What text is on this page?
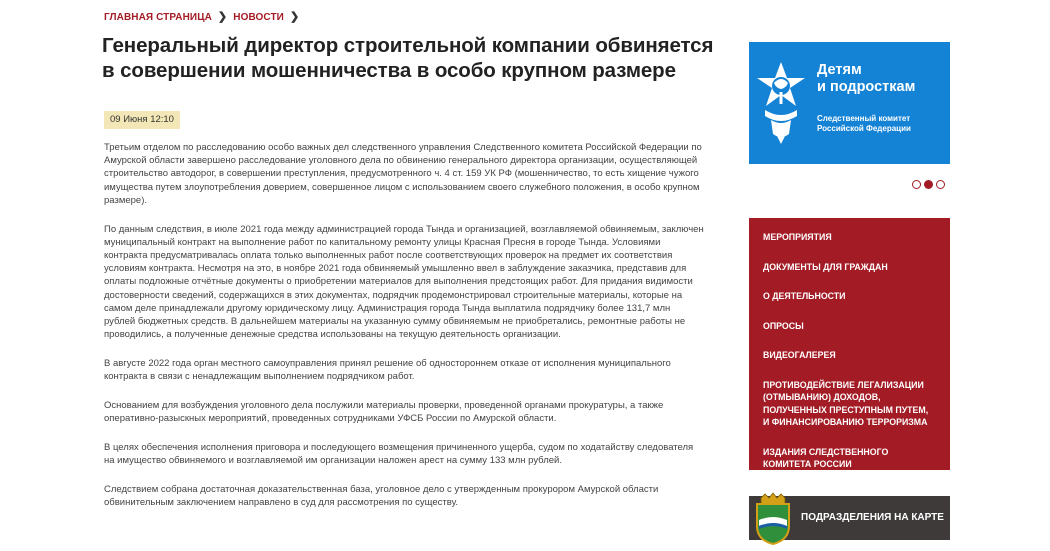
ГЛАВНАЯ СТРАНИЦА ❯ НОВОСТИ ❯
Генеральный директор строительной компании обвиняется в совершении мошенничества в особо крупном размере
09 Июня 12:10

Третьим отделом по расследованию особо важных дел следственного управления Следственного комитета Российской Федерации по Амурской области завершено расследование уголовного дела по обвинению генерального директора организации, осуществляющей строительство автодорог, в совершении преступления, предусмотренного ч. 4 ст. 159 УК РФ (мошенничество, то есть хищение чужого имущества путем злоупотребления доверием, совершенное лицом с использованием своего служебного положения, в особо крупном размере).

По данным следствия, в июле 2021 года между администрацией города Тында и организацией, возглавляемой обвиняемым, заключен муниципальный контракт на выполнение работ по капитальному ремонту улицы Красная Пресня в городе Тында. Условиями контракта предусматривалась оплата только выполненных работ после соответствующих проверок на предмет их соответствия условиям контракта. Несмотря на это, в ноябре 2021 года обвиняемый умышленно ввел в заблуждение заказчика, представив для оплаты подложные отчётные документы о приобретении материалов для выполнения предстоящих работ. Для придания видимости достоверности сведений, содержащихся в этих документах, подрядчик продемонстрировал строительные материалы, которые на самом деле принадлежали другому юридическому лицу. Администрация города Тында выплатила подрядчику более 131,7 млн рублей бюджетных средств. В дальнейшем материалы на указанную сумму обвиняемым не приобретались, ремонтные работы не проводились, а полученные денежные средства использованы на текущую деятельность организации.

В августе 2022 года орган местного самоуправления принял решение об одностороннем отказе от исполнения муниципального контракта в связи с ненадлежащим выполнением подрядчиком работ.

Основанием для возбуждения уголовного дела послужили материалы проверки, проведенной органами прокуратуры, а также оперативно-разыскных мероприятий, проведенных сотрудниками УФСБ России по Амурской области.

В целях обеспечения исполнения приговора и последующего возмещения причиненного ущерба, судом по ходатайству следователя на имущество обвиняемого и возглавляемой им организации наложен арест на сумму 133 млн рублей.

Следствием собрана достаточная доказательственная база, уголовное дело с утвержденным прокурором Амурской области обвинительным заключением направлено в суд для рассмотрения по существу.

Детям
и подросткам
Следственный комитет
Российской Федерации
МЕРОПРИЯТИЯ
ДОКУМЕНТЫ ДЛЯ ГРАЖДАН
О ДЕЯТЕЛЬНОСТИ
ОПРОСЫ
ВИДЕОГАЛЕРЕЯ
ПРОТИВОДЕЙСТВИЕ ЛЕГАЛИЗАЦИИ (ОТМЫВАНИЮ) ДОХОДОВ, ПОЛУЧЕННЫХ ПРЕСТУПНЫМ ПУТЕМ, И ФИНАНСИРОВАНИЮ ТЕРРОРИЗМА
ИЗДАНИЯ СЛЕДСТВЕННОГО КОМИТЕТА РОССИИ
ПОДРАЗДЕЛЕНИЯ НА КАРТЕ
